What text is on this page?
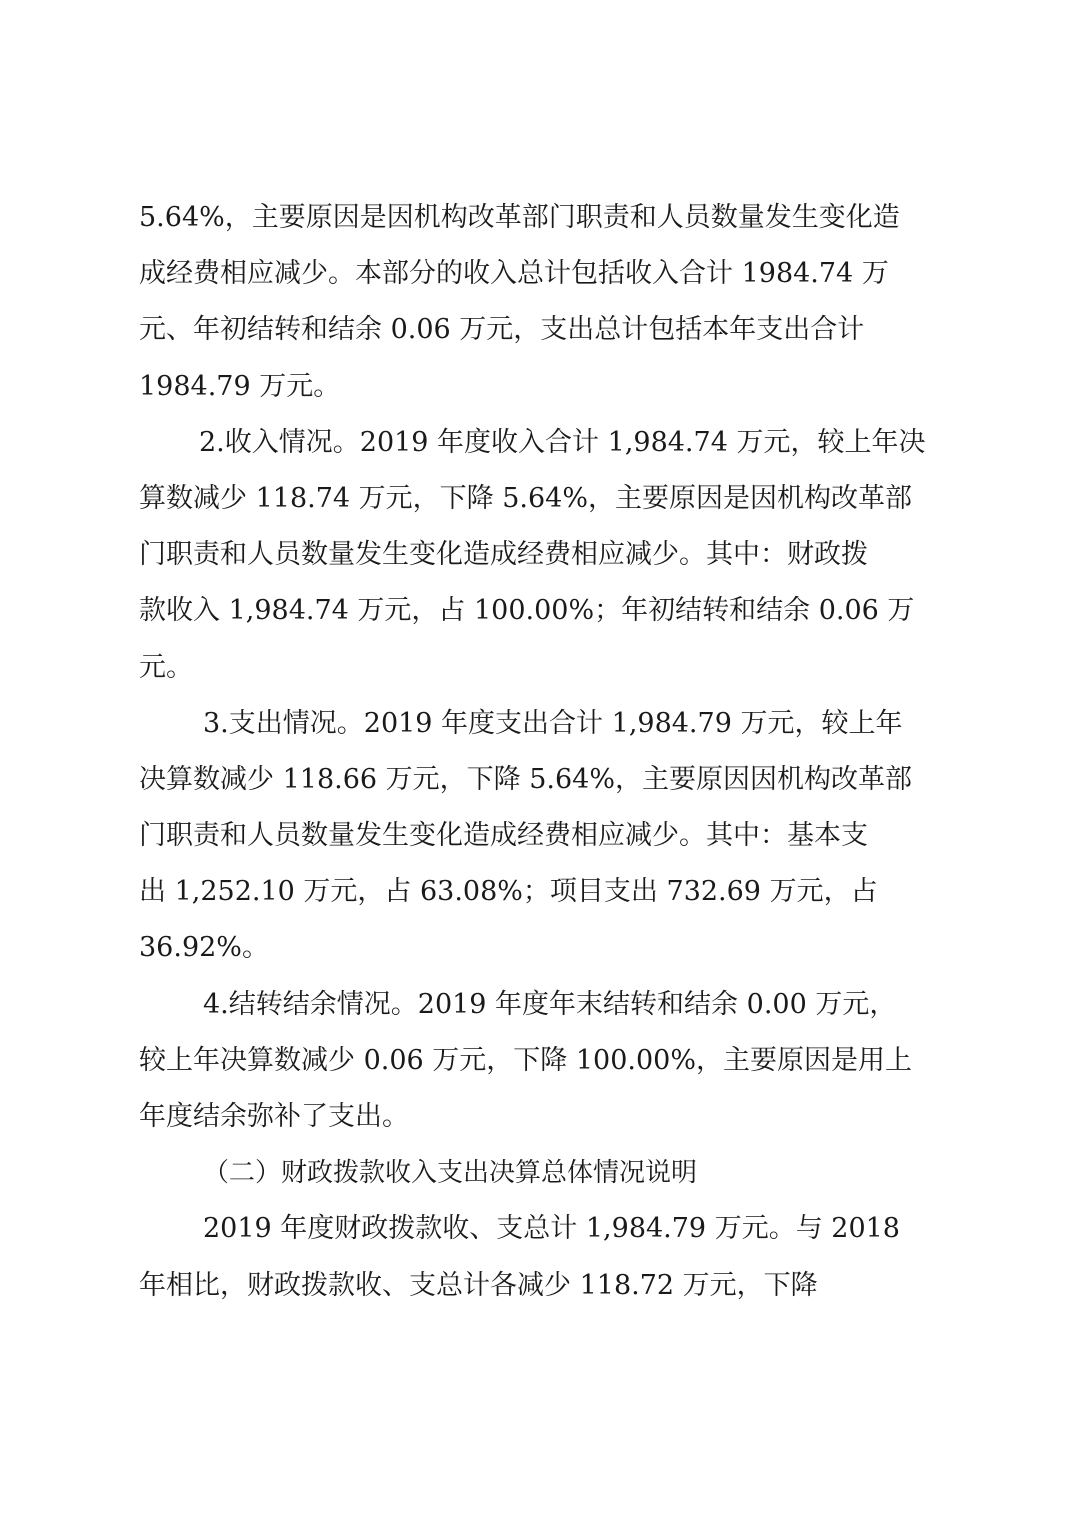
5.64%，主要原因是因机构改革部门职责和人员数量发生变化造
成经费相应减少。本部分的收入总计包括收入合计 1984.74 万
元、年初结转和结余 0.06 万元，支出总计包括本年支出合计
1984.79 万元。
2.收入情况。2019 年度收入合计 1,984.74 万元，较上年决
算数减少 118.74 万元，下降 5.64%，主要原因是因机构改革部
门职责和人员数量发生变化造成经费相应减少。其中：财政拨
款收入 1,984.74 万元，占 100.00%；年初结转和结余 0.06 万
元。
3.支出情况。2019 年度支出合计 1,984.79 万元，较上年
决算数减少 118.66 万元，下降 5.64%，主要原因因机构改革部
门职责和人员数量发生变化造成经费相应减少。其中：基本支
出 1,252.10 万元，占 63.08%；项目支出 732.69 万元，占
36.92%。
4.结转结余情况。2019 年度年末结转和结余 0.00 万元，
较上年决算数减少 0.06 万元，下降 100.00%，主要原因是用上
年度结余弥补了支出。
（二）财政拨款收入支出决算总体情况说明
2019 年度财政拨款收、支总计 1,984.79 万元。与 2018
年相比，财政拨款收、支总计各减少 118.72 万元，下降
